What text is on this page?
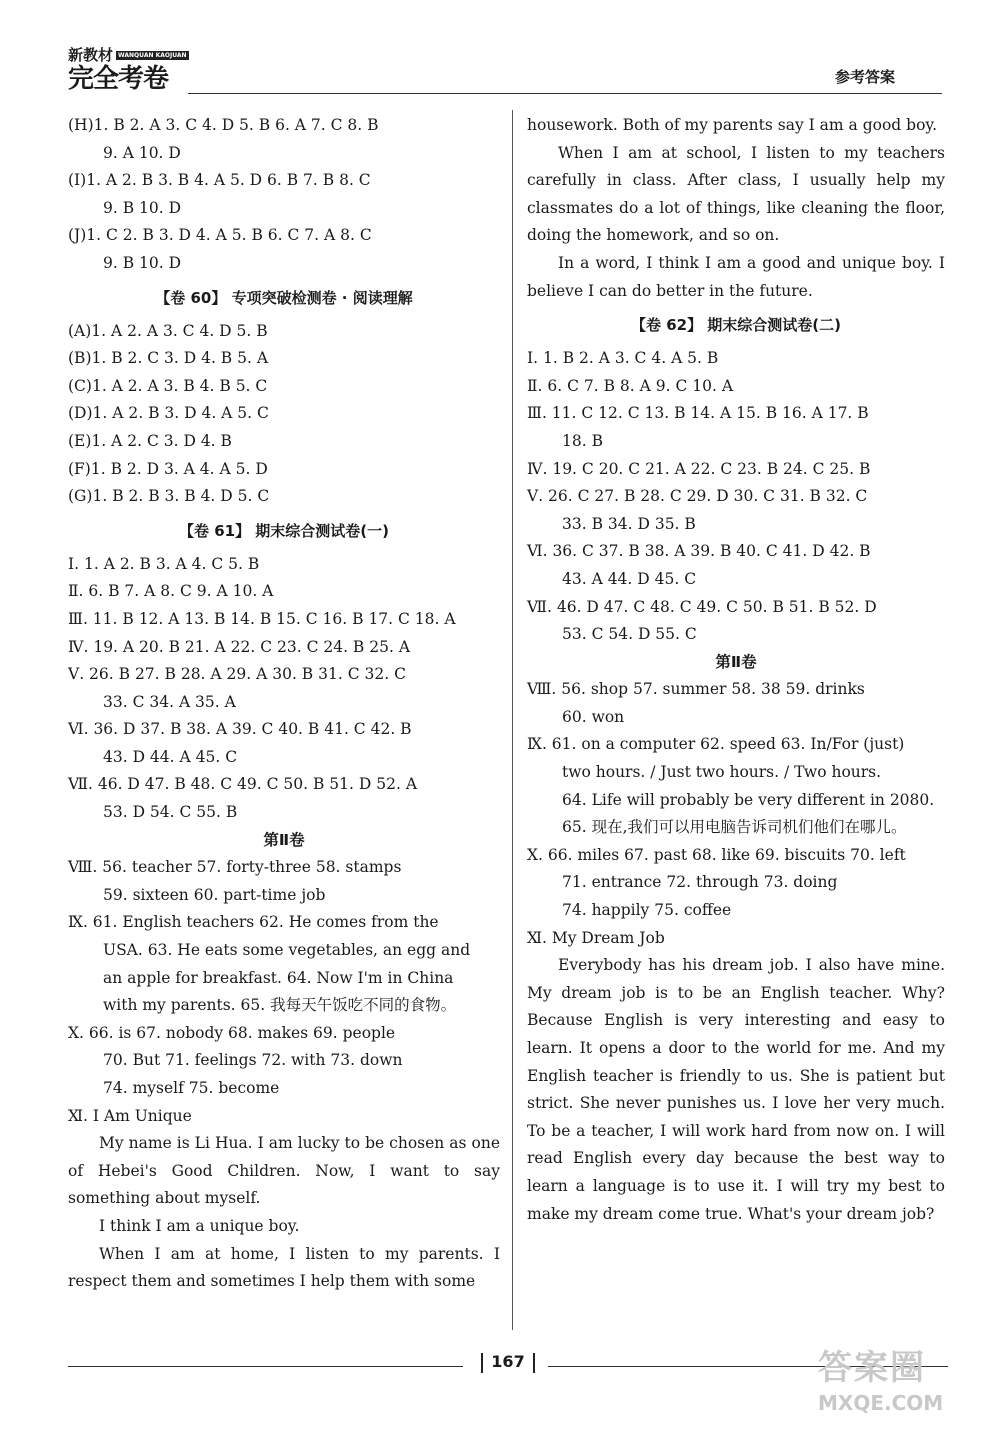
新教材 WANQUAN KAOJUAN
完全考卷	参考答案
(H)1. B 2. A 3. C 4. D 5. B 6. A 7. C 8. B
9. A 10. D
(I)1. A 2. B 3. B 4. A 5. D 6. B 7. B 8. C
9. B 10. D
(J)1. C 2. B 3. D 4. A 5. B 6. C 7. A 8. C
9. B 10. D
【卷 60】 专项突破检测卷 · 阅读理解
(A)1. A 2. A 3. C 4. D 5. B
(B)1. B 2. C 3. D 4. B 5. A
(C)1. A 2. A 3. B 4. B 5. C
(D)1. A 2. B 3. D 4. A 5. C
(E)1. A 2. C 3. D 4. B
(F)1. B 2. D 3. A 4. A 5. D
(G)1. B 2. B 3. B 4. D 5. C
【卷 61】 期末综合测试卷(一)
Ⅰ. 1. A 2. B 3. A 4. C 5. B
Ⅱ. 6. B 7. A 8. C 9. A 10. A
Ⅲ. 11. B 12. A 13. B 14. B 15. C 16. B 17. C 18. A
Ⅳ. 19. A 20. B 21. A 22. C 23. C 24. B 25. A
Ⅴ. 26. B 27. B 28. A 29. A 30. B 31. C 32. C
33. C 34. A 35. A
Ⅵ. 36. D 37. B 38. A 39. C 40. B 41. C 42. B
43. D 44. A 45. C
Ⅶ. 46. D 47. B 48. C 49. C 50. B 51. D 52. A
53. D 54. C 55. B
第Ⅱ卷
Ⅷ. 56. teacher 57. forty-three 58. stamps
59. sixteen 60. part-time job
Ⅸ. 61. English teachers 62. He comes from the
USA. 63. He eats some vegetables, an egg and
an apple for breakfast. 64. Now I'm in China
with my parents. 65. 我每天午饭吃不同的食物。
Ⅹ. 66. is 67. nobody 68. makes 69. people
70. But 71. feelings 72. with 73. down
74. myself 75. become
Ⅺ. I Am Unique
My name is Li Hua. I am lucky to be chosen as one of Hebei's Good Children. Now, I want to say something about myself.
I think I am a unique boy.
When I am at home, I listen to my parents. I respect them and sometimes I help them with some
housework. Both of my parents say I am a good boy.
When I am at school, I listen to my teachers carefully in class. After class, I usually help my classmates do a lot of things, like cleaning the floor, doing the homework, and so on.
In a word, I think I am a good and unique boy. I believe I can do better in the future.
【卷 62】 期末综合测试卷(二)
Ⅰ. 1. B 2. A 3. C 4. A 5. B
Ⅱ. 6. C 7. B 8. A 9. C 10. A
Ⅲ. 11. C 12. C 13. B 14. A 15. B 16. A 17. B
18. B
Ⅳ. 19. C 20. C 21. A 22. C 23. B 24. C 25. B
Ⅴ. 26. C 27. B 28. C 29. D 30. C 31. B 32. C
33. B 34. D 35. B
Ⅵ. 36. C 37. B 38. A 39. B 40. C 41. D 42. B
43. A 44. D 45. C
Ⅶ. 46. D 47. C 48. C 49. C 50. B 51. B 52. D
53. C 54. D 55. C
第Ⅱ卷
Ⅷ. 56. shop 57. summer 58. 38 59. drinks
60. won
Ⅸ. 61. on a computer 62. speed 63. In/For (just)
two hours. / Just two hours. / Two hours.
64. Life will probably be very different in 2080.
65. 现在,我们可以用电脑告诉司机们他们在哪儿。
Ⅹ. 66. miles 67. past 68. like 69. biscuits 70. left
71. entrance 72. through 73. doing
74. happily 75. coffee
Ⅺ. My Dream Job
Everybody has his dream job. I also have mine. My dream job is to be an English teacher. Why? Because English is very interesting and easy to learn. It opens a door to the world for me. And my English teacher is friendly to us. She is patient but strict. She never punishes us. I love her very much. To be a teacher, I will work hard from now on. I will read English every day because the best way to learn a language is to use it. I will try my best to make my dream come true. What's your dream job?
167	答案圈
MXQE.COM
